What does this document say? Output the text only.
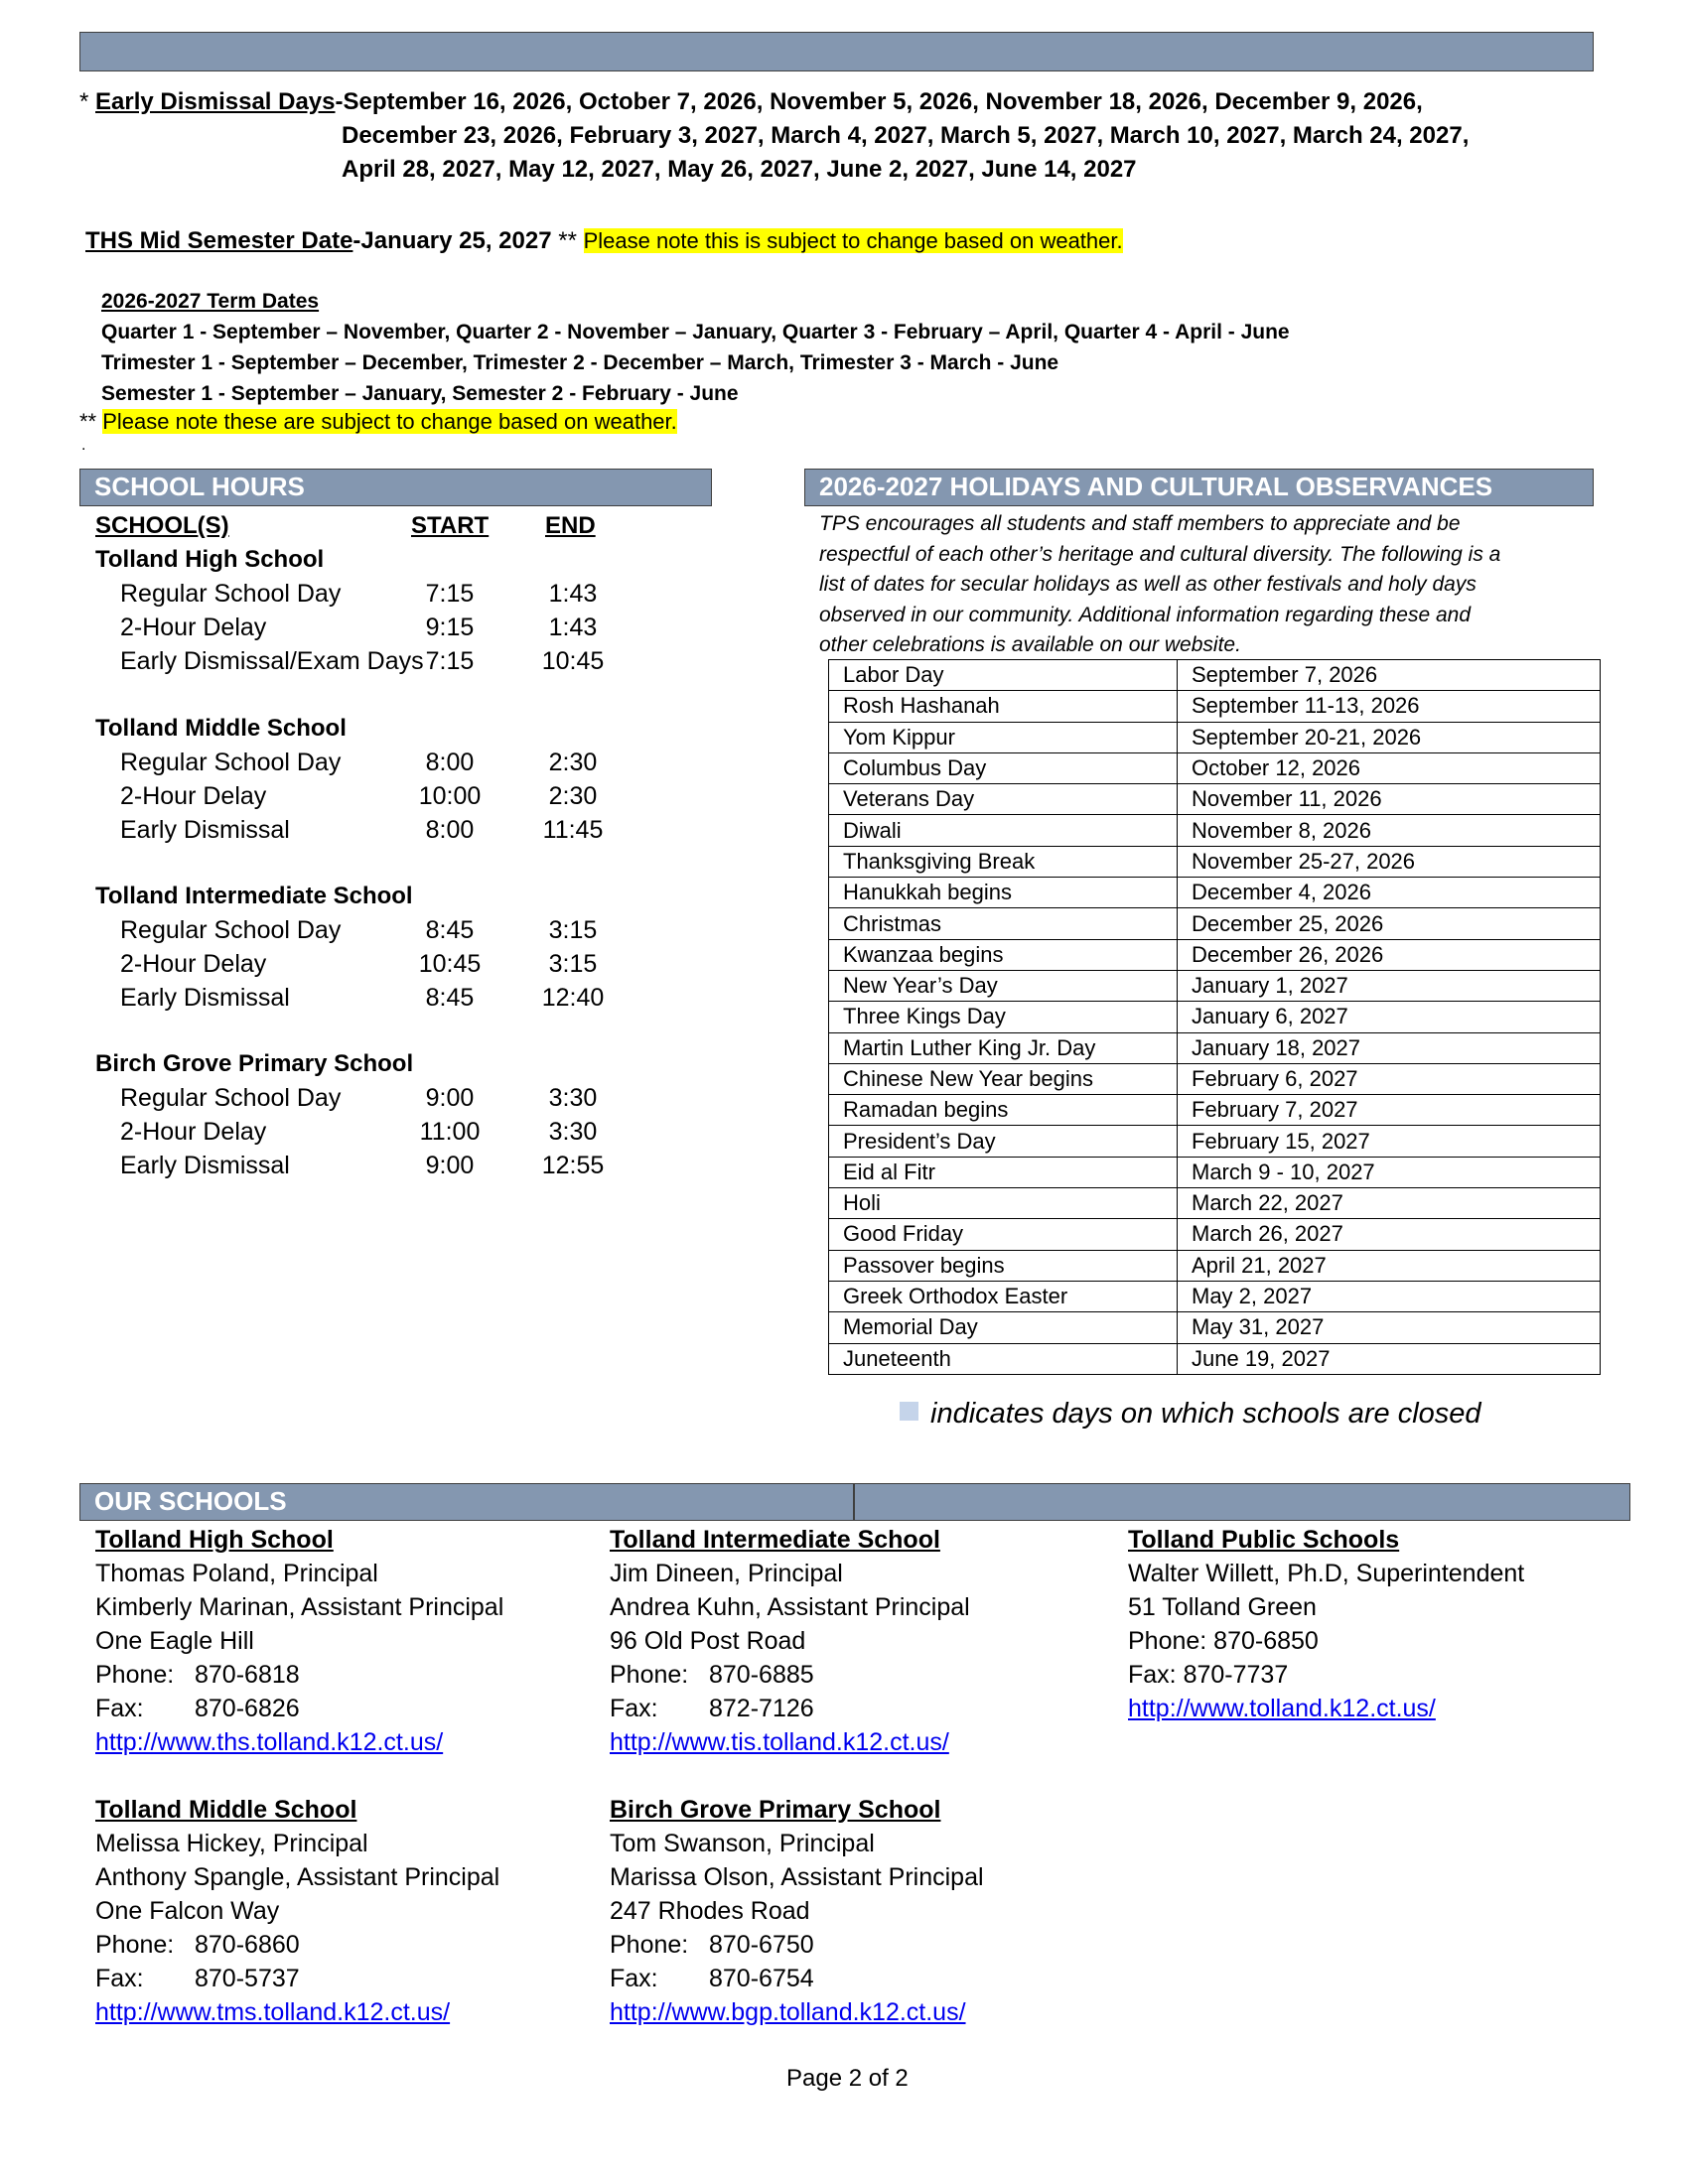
* Early Dismissal Days-September 16, 2026, October 7, 2026, November 5, 2026, November 18, 2026, December 9, 2026,
December 23, 2026, February 3, 2027, March 4, 2027, March 5, 2027, March 10, 2027, March 24, 2027,
April 28, 2027, May 12, 2027, May 26, 2027, June 2, 2027, June 14, 2027
THS Mid Semester Date-January 25, 2027 ** Please note this is subject to change based on weather.
2026-2027 Term Dates
Quarter 1 - September – November, Quarter 2 - November – January, Quarter 3 - February – April, Quarter 4 - April - June
Trimester 1 - September – December, Trimester 2 - December – March, Trimester 3 - March - June
Semester 1 - September – January, Semester 2 - February - June
** Please note these are subject to change based on weather.
.
SCHOOL HOURS
SCHOOL(S)	START END
Tolland High School
Regular School Day	7:15	1:43
2-Hour Delay	9:15	1:43
Early Dismissal/Exam Days 7:15	10:45
Tolland Middle School
Regular School Day	8:00	2:30
2-Hour Delay	10:00	2:30
Early Dismissal	8:00	11:45
Tolland Intermediate School
Regular School Day	8:45	3:15
2-Hour Delay	10:45	3:15
Early Dismissal	8:45	12:40
Birch Grove Primary School
Regular School Day	9:00	3:30
2-Hour Delay	11:00	3:30
Early Dismissal	9:00	12:55
2026-2027 HOLIDAYS AND CULTURAL OBSERVANCES
TPS encourages all students and staff members to appreciate and be
respectful of each other’s heritage and cultural diversity. The following is a
list of dates for secular holidays as well as other festivals and holy days
observed in our community. Additional information regarding these and
other celebrations is available on our website.
Labor Day	September 7, 2026
Rosh Hashanah	September 11-13, 2026
Yom Kippur	September 20-21, 2026
Columbus Day	October 12, 2026
Veterans Day	November 11, 2026
Diwali	November 8, 2026
Thanksgiving Break	November 25-27, 2026
Hanukkah begins	December 4, 2026
Christmas	December 25, 2026
Kwanzaa begins	December 26, 2026
New Year’s Day	January 1, 2027
Three Kings Day	January 6, 2027
Martin Luther King Jr. Day	January 18, 2027
Chinese New Year begins	February 6, 2027
Ramadan begins	February 7, 2027
President’s Day	February 15, 2027
Eid al Fitr	March 9 - 10, 2027
Holi	March 22, 2027
Good Friday	March 26, 2027
Passover begins	April 21, 2027
Greek Orthodox Easter	May 2, 2027
Memorial Day	May 31, 2027
Juneteenth	June 19, 2027
indicates days on which schools are closed
OUR SCHOOLS
Tolland High School
Thomas Poland, Principal
Kimberly Marinan, Assistant Principal
One Eagle Hill
Phone: 870-6818
Fax: 870-6826
http://www.ths.tolland.k12.ct.us/
Tolland Intermediate School
Jim Dineen, Principal
Andrea Kuhn, Assistant Principal
96 Old Post Road
Phone: 870-6885
Fax: 872-7126
http://www.tis.tolland.k12.ct.us/
Tolland Middle School
Melissa Hickey, Principal
Anthony Spangle, Assistant Principal
One Falcon Way
Phone: 870-6860
Fax: 870-5737
http://www.tms.tolland.k12.ct.us/
Birch Grove Primary School
Tom Swanson, Principal
Marissa Olson, Assistant Principal
247 Rhodes Road
Phone: 870-6750
Fax: 870-6754
http://www.bgp.tolland.k12.ct.us/
Tolland Public Schools
Walter Willett, Ph.D, Superintendent
51 Tolland Green
Phone: 870-6850
Fax: 870-7737
http://www.tolland.k12.ct.us/
Page 2 of 2
